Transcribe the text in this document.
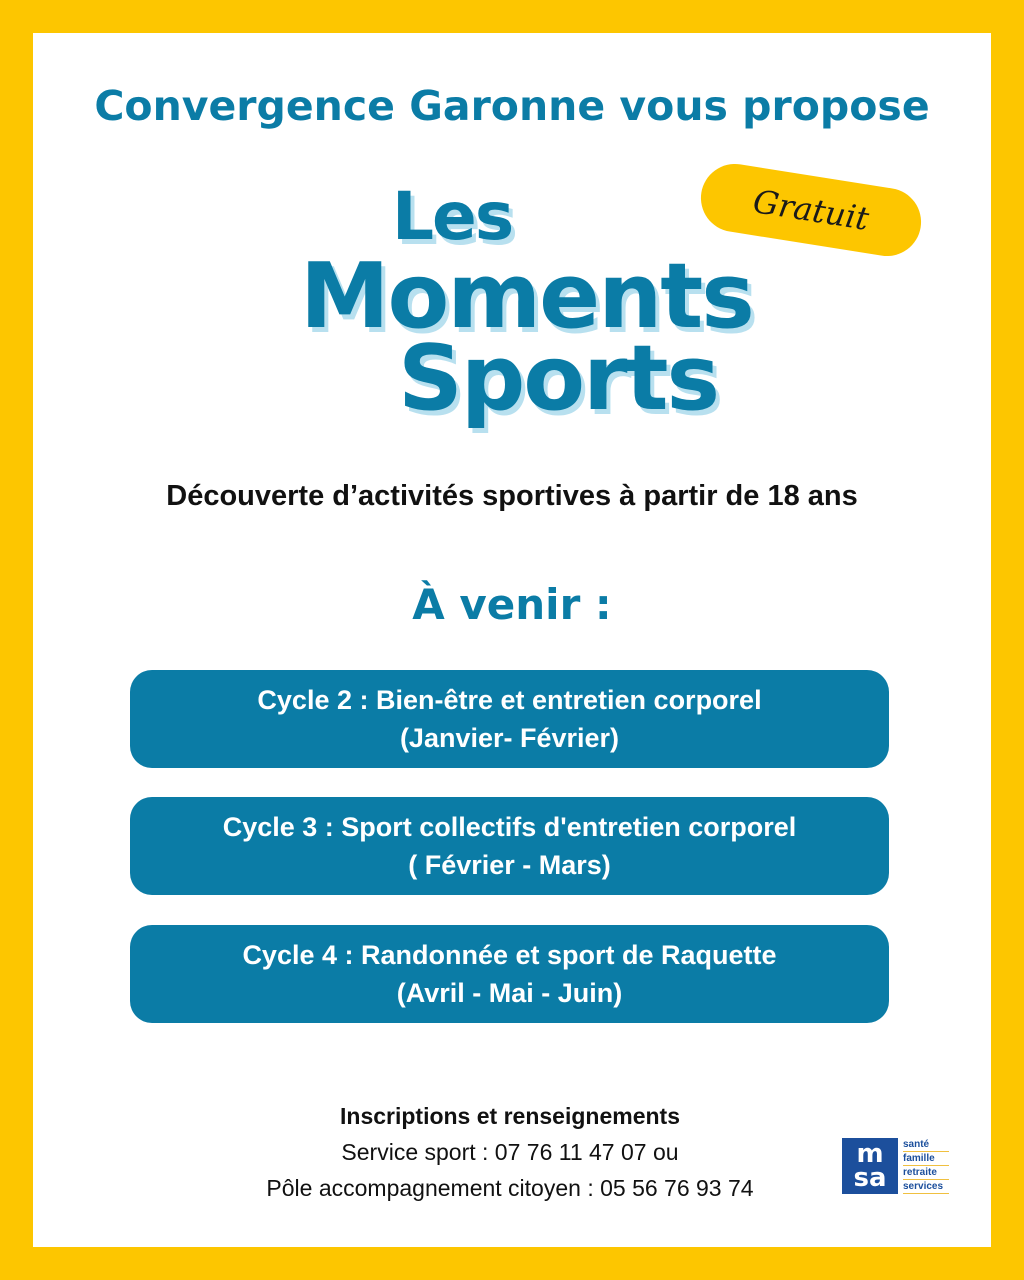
Convergence Garonne vous propose
Les
Moments
Sports
Gratuit

Découverte d’activités sportives à partir de 18 ans

À venir :
Cycle 2 : Bien-être et entretien corporel
(Janvier- Février)
Cycle 3 : Sport collectifs d'entretien corporel
( Février - Mars)
Cycle 4 : Randonnée et sport de Raquette
(Avril - Mai - Juin)
Inscriptions et renseignements
Service sport : 07 76 11 47 07 ou
Pôle accompagnement citoyen : 05 56 76 93 74
m
sa
santé
famille
retraite
services
